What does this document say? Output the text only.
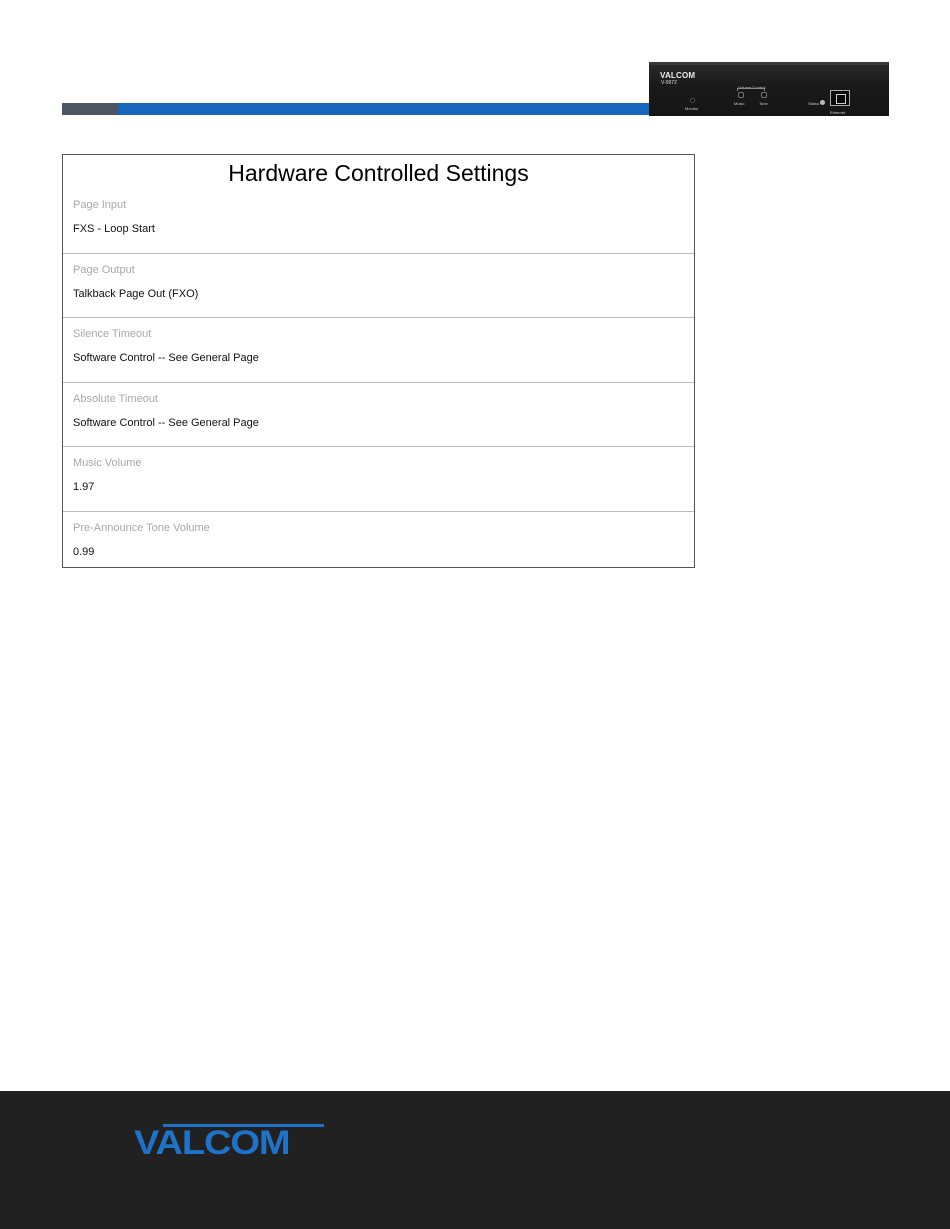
VALCOM
V-9972
Volume Control
Music	Tone
Monitor
Status
Ethernet
Hardware Controlled Settings
Page Input
FXS - Loop Start
Page Output
Talkback Page Out (FXO)
Silence Timeout
Software Control -- See General Page
Absolute Timeout
Software Control -- See General Page
Music Volume
1.97
Pre-Announce Tone Volume
0.99
VALCOM
